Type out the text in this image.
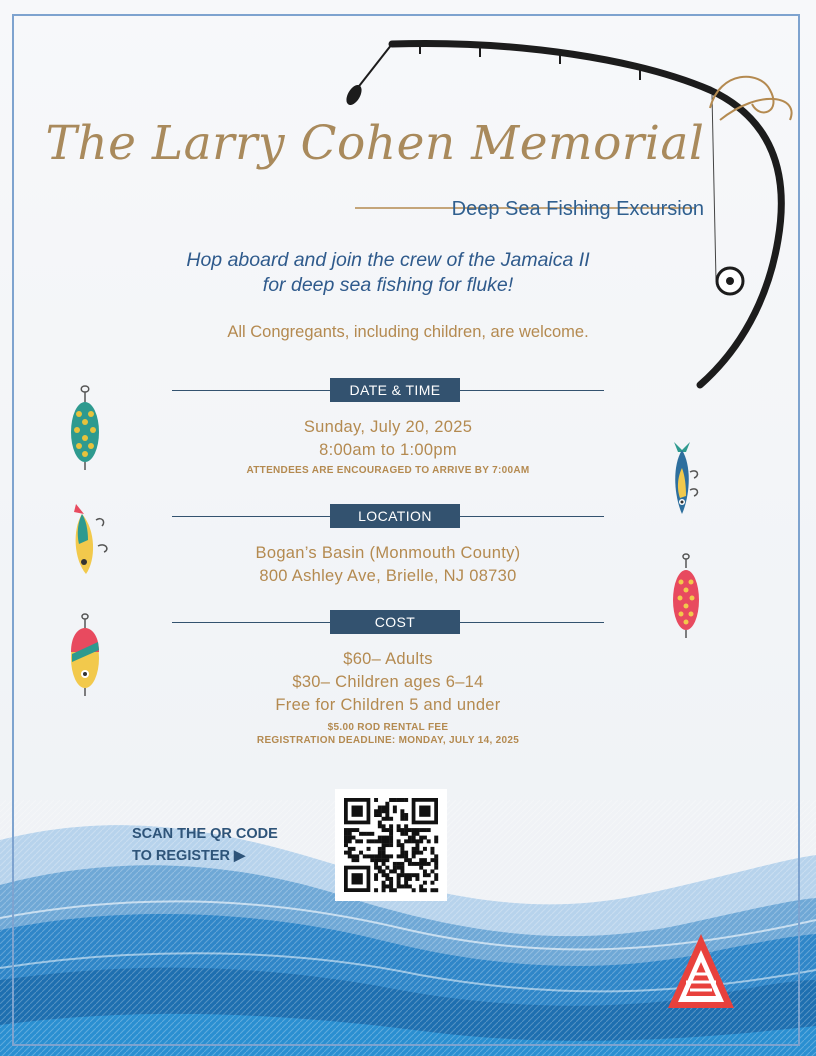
The Larry Cohen Memorial
Deep Sea Fishing Excursion
Hop aboard and join the crew of the Jamaica II
for deep sea fishing for fluke!
All Congregants, including children, are welcome.
DATE & TIME
Sunday, July 20, 2025
8:00am to 1:00pm
ATTENDEES ARE ENCOURAGED TO ARRIVE BY 7:00AM
LOCATION
Bogan’s Basin (Monmouth County)
800 Ashley Ave, Brielle, NJ 08730
COST
$60– Adults
$30– Children ages 6–14
Free for Children 5 and under
$5.00 ROD RENTAL FEE
REGISTRATION DEADLINE: MONDAY, JULY 14, 2025
SCAN THE QR CODE
TO REGISTER ▶
